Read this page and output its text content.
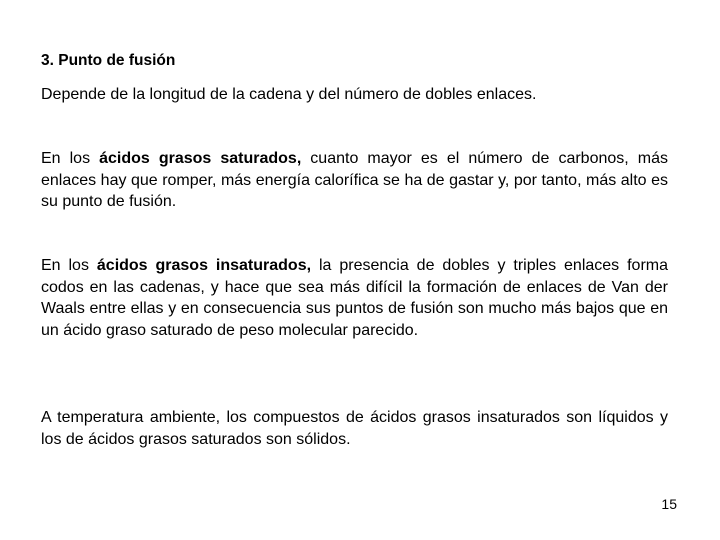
3. Punto de fusión

Depende de la longitud de la cadena y del número de dobles enlaces.

En los ácidos grasos saturados, cuanto mayor es el número de carbonos, más enlaces hay que romper, más energía calorífica se ha de gastar y, por tanto, más alto es su punto de fusión.

En los ácidos grasos insaturados, la presencia de dobles y triples enlaces forma codos en las cadenas, y hace que sea más difícil la formación de enlaces de Van der Waals entre ellas y en consecuencia sus puntos de fusión son mucho más bajos que en un ácido graso saturado de peso molecular parecido.

A temperatura ambiente, los compuestos de ácidos grasos insaturados son líquidos y los de ácidos grasos saturados son sólidos.

15
